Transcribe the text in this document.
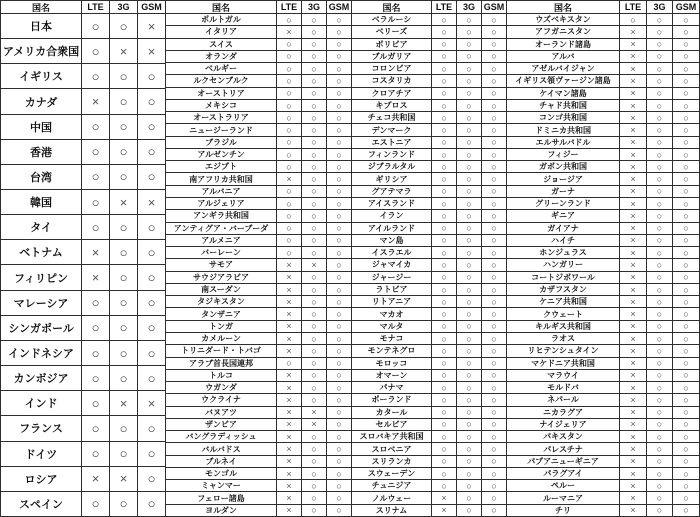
国名	LTE	3G	GSM
日本	○	○	×
アメリカ合衆国 ○	×	×
イギリス	○	○	○
カナダ	×	○	○
中国	○	○	○
香港	○	○	○
台湾	○	○	○
韓国	○	×	×
タイ	○	○	○
ベトナム	×	○	○
フィリピン	×	○	○
マレーシア	○	○	○
シンガポール	○	○	○
インドネシア	○	○	○
カンボジア	○	○	○
インド	○	×	×
フランス	○	○	○
ドイツ	○	○	○
ロシア	×	×	○
スペイン	○	○	○
国名	LTE	3G GSM
ポルトガル	○	○	○
イタリア	×	○	○
スイス	○	○	○
オランダ	○	○	○
ベルギー	○	○	○
ルクセンブルク	○	○	○
オーストリア	○	○	○
メキシコ	○	○	○
オーストラリア	○	○	○
ニュージーランド	○	○	○
ブラジル	○	○	○
アルゼンチン	○	○	○
エジプト	○	○	○
南アフリカ共和国	×	○	○
アルバニア	○	○	○
アルジェリア	○	○	○
アンギラ共和国	○	○	○
アンティグア・バーブーダ	○	○	○
アルメニア	○	○	○
バーレーン	○	○	○
サモア	×	×	○
サウジアラビア	×	○	○
南スーダン	×	○	○
タジキスタン	×	○	○
タンザニア	×	○	○
トンガ	×	○	○
カメルーン	×	○	○
トリニダード・トバゴ	×	○	○
アラブ首長国連邦	○	○	○
トルコ	×	○	○
ウガンダ	×	○	○
ウクライナ	×	○	○
バヌアツ	×	×	○
ザンビア	×	×	○
バングラディッシュ	×	○	○
バルバドス	×	○	○
ブルネイ	×	○	○
モンゴル	×	○	○
ミャンマー	×	○	○
フェロー諸島	×	○	○
ヨルダン	×	○	○
国名	LTE	3G GSM
ベラルーシ	○	○	○
ベリーズ	○	○	○
ボリビア	○	○	○
ブルガリア	○	○	○
コロンビア	○	○	○
コスタリカ	○	○	○
クロアチア	○	○	○
キプロス	○	○	○
チェコ共和国	○	○	○
デンマーク	○	○	○
エストニア	○	○	○
フィンランド	○	○	○
ジブラルタル	○	○	○
ギリシア	○	○	○
グアテマラ	○	○	○
アイスランド	○	○	○
イラン	○	○	○
アイルランド	○	○	○
マン島	○	○	○
イスラエル	○	○	○
ジャマイカ	○	○	○
ジャージー	○	○	○
ラトビア	○	○	○
リトアニア	○	○	○
マカオ	○	○	○
マルタ	○	○	○
モナコ	○	○	○
モンテネグロ	○	○	○
モロッコ	○	○	○
オマーン	○	○	○
パナマ	○	○	○
ポーランド	○	○	○
カタール	○	○	○
セルビア	○	○	○
スロバキア共和国	○	○	○
スロベニア	○	○	○
スリランカ	○	○	○
スウェーデン	○	○	○
チュニジア	○	○	○
ノルウェー	×	○	○
スリナム	×	○	○
国名	LTE	3G	GSM
ウズベキスタン	○	○	○
アフガニスタン	×	○	○
オーランド諸島	×	○	○
アルバ	×	○	○
アゼルバイジャン	×	○	○
イギリス領ヴァージン諸島	×	○	○
ケイマン諸島	×	○	○
チャド共和国	×	○	○
コンゴ共和国	×	○	○
ドミニカ共和国	×	○	○
エルサルバドル	×	○	○
フィジー	×	○	○
ガボン共和国	×	○	○
ジョージア	×	○	○
ガーナ	×	○	○
グリーンランド	×	○	○
ギニア	×	○	○
ガイアナ	×	○	○
ハイチ	×	○	○
ホンジュラス	×	○	○
ハンガリー	×	○	○
コートジボワール	×	○	○
カザフスタン	×	○	○
ケニア共和国	×	○	○
クウェート	×	○	○
キルギス共和国	×	○	○
ラオス	×	○	○
リヒテンシュタイン	×	○	○
マケドニア共和国	×	○	○
マラウイ	×	○	○
モルドバ	×	○	○
ネパール	×	○	○
ニカラグア	×	○	○
ナイジェリア	×	○	○
パキスタン	×	○	○
パレスチナ	×	○	○
パプアニューギニア	×	○	○
パラグアイ	×	○	○
ペルー	×	○	○
ルーマニア	×	○	○
チリ	×	○	○
